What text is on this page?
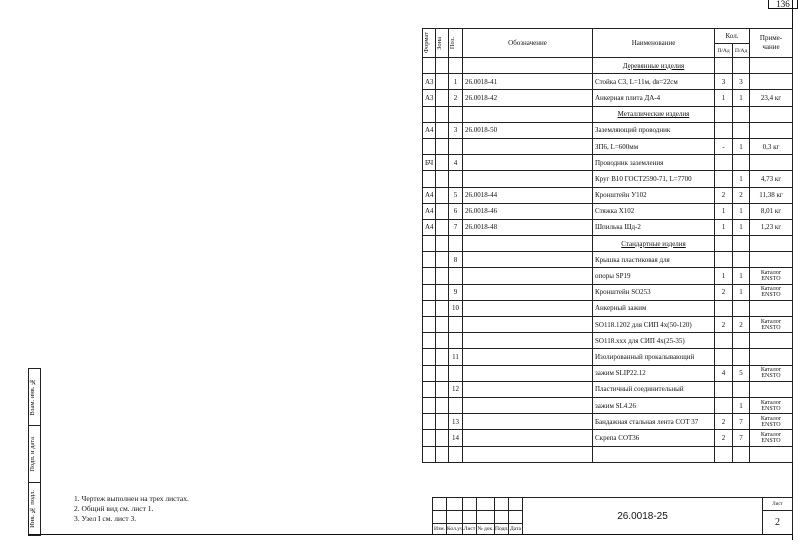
136
Формат	Зона	Поз.	Обозначение	Наименование	Кол.		Приме-чание
					П/Ад	П/Ад	
				Деревянные изделия			
А3		1	26.0018-41	Стойка С3, L=11м, dв=22см	3	3	
А3		2	26.0018-42	Анкерная плита ДА-4	1	1	23,4 кг
				Металлические изделия			
А4		3	26.0018-50	Заземляющий проводник			
				ЗП6, L=600мм	-	1	0,3 кг
БЧ		4		Проводник заземления			
				Круг В10 ГОСТ2590-71, L=7700		1	4,73 кг
А4		5	26.0018-44	Кронштейн У102	2	2	11,38 кг
А4		6	26.0018-46	Стяжка Х102	1	1	8,01 кг
А4		7	26.0018-48	Шпилька Шд-2	1	1	1,23 кг
				Стандартные изделия			
		8		Крышка пластиковая для			
				опоры SP19	1	1	Каталог ENSTO
		9		Кронштейн SO253	2	1	Каталог ENSTO
		10		Анкерный зажим			
				SO118.1202 для СИП 4х(50-120)	2	2	Каталог ENSTO
				SO118.xxx для СИП 4х(25-35)			
		11		Изолированный прокалывающий			
				зажим SLIP22.12	4	5	Каталог ENSTO
		12		Пластичный соединительный			
				зажим SL4.26		1	Каталог ENSTO
		13		Бандажная стальная лента СОТ 37	2	7	Каталог ENSTO
		14		Скрепа СОТ36	2	7	Каталог ENSTO

Взам. инв. №

Подп. и дата

Инв. № подл.	1. Чертеж выполнен на трех листах.
2. Общий вид см. лист 1.
3. Узел I см. лист 3.
							26.0018-25	Лист
							2
Изм.	Кол.уч.	Лист	№ док.	Подп.	Дата		
